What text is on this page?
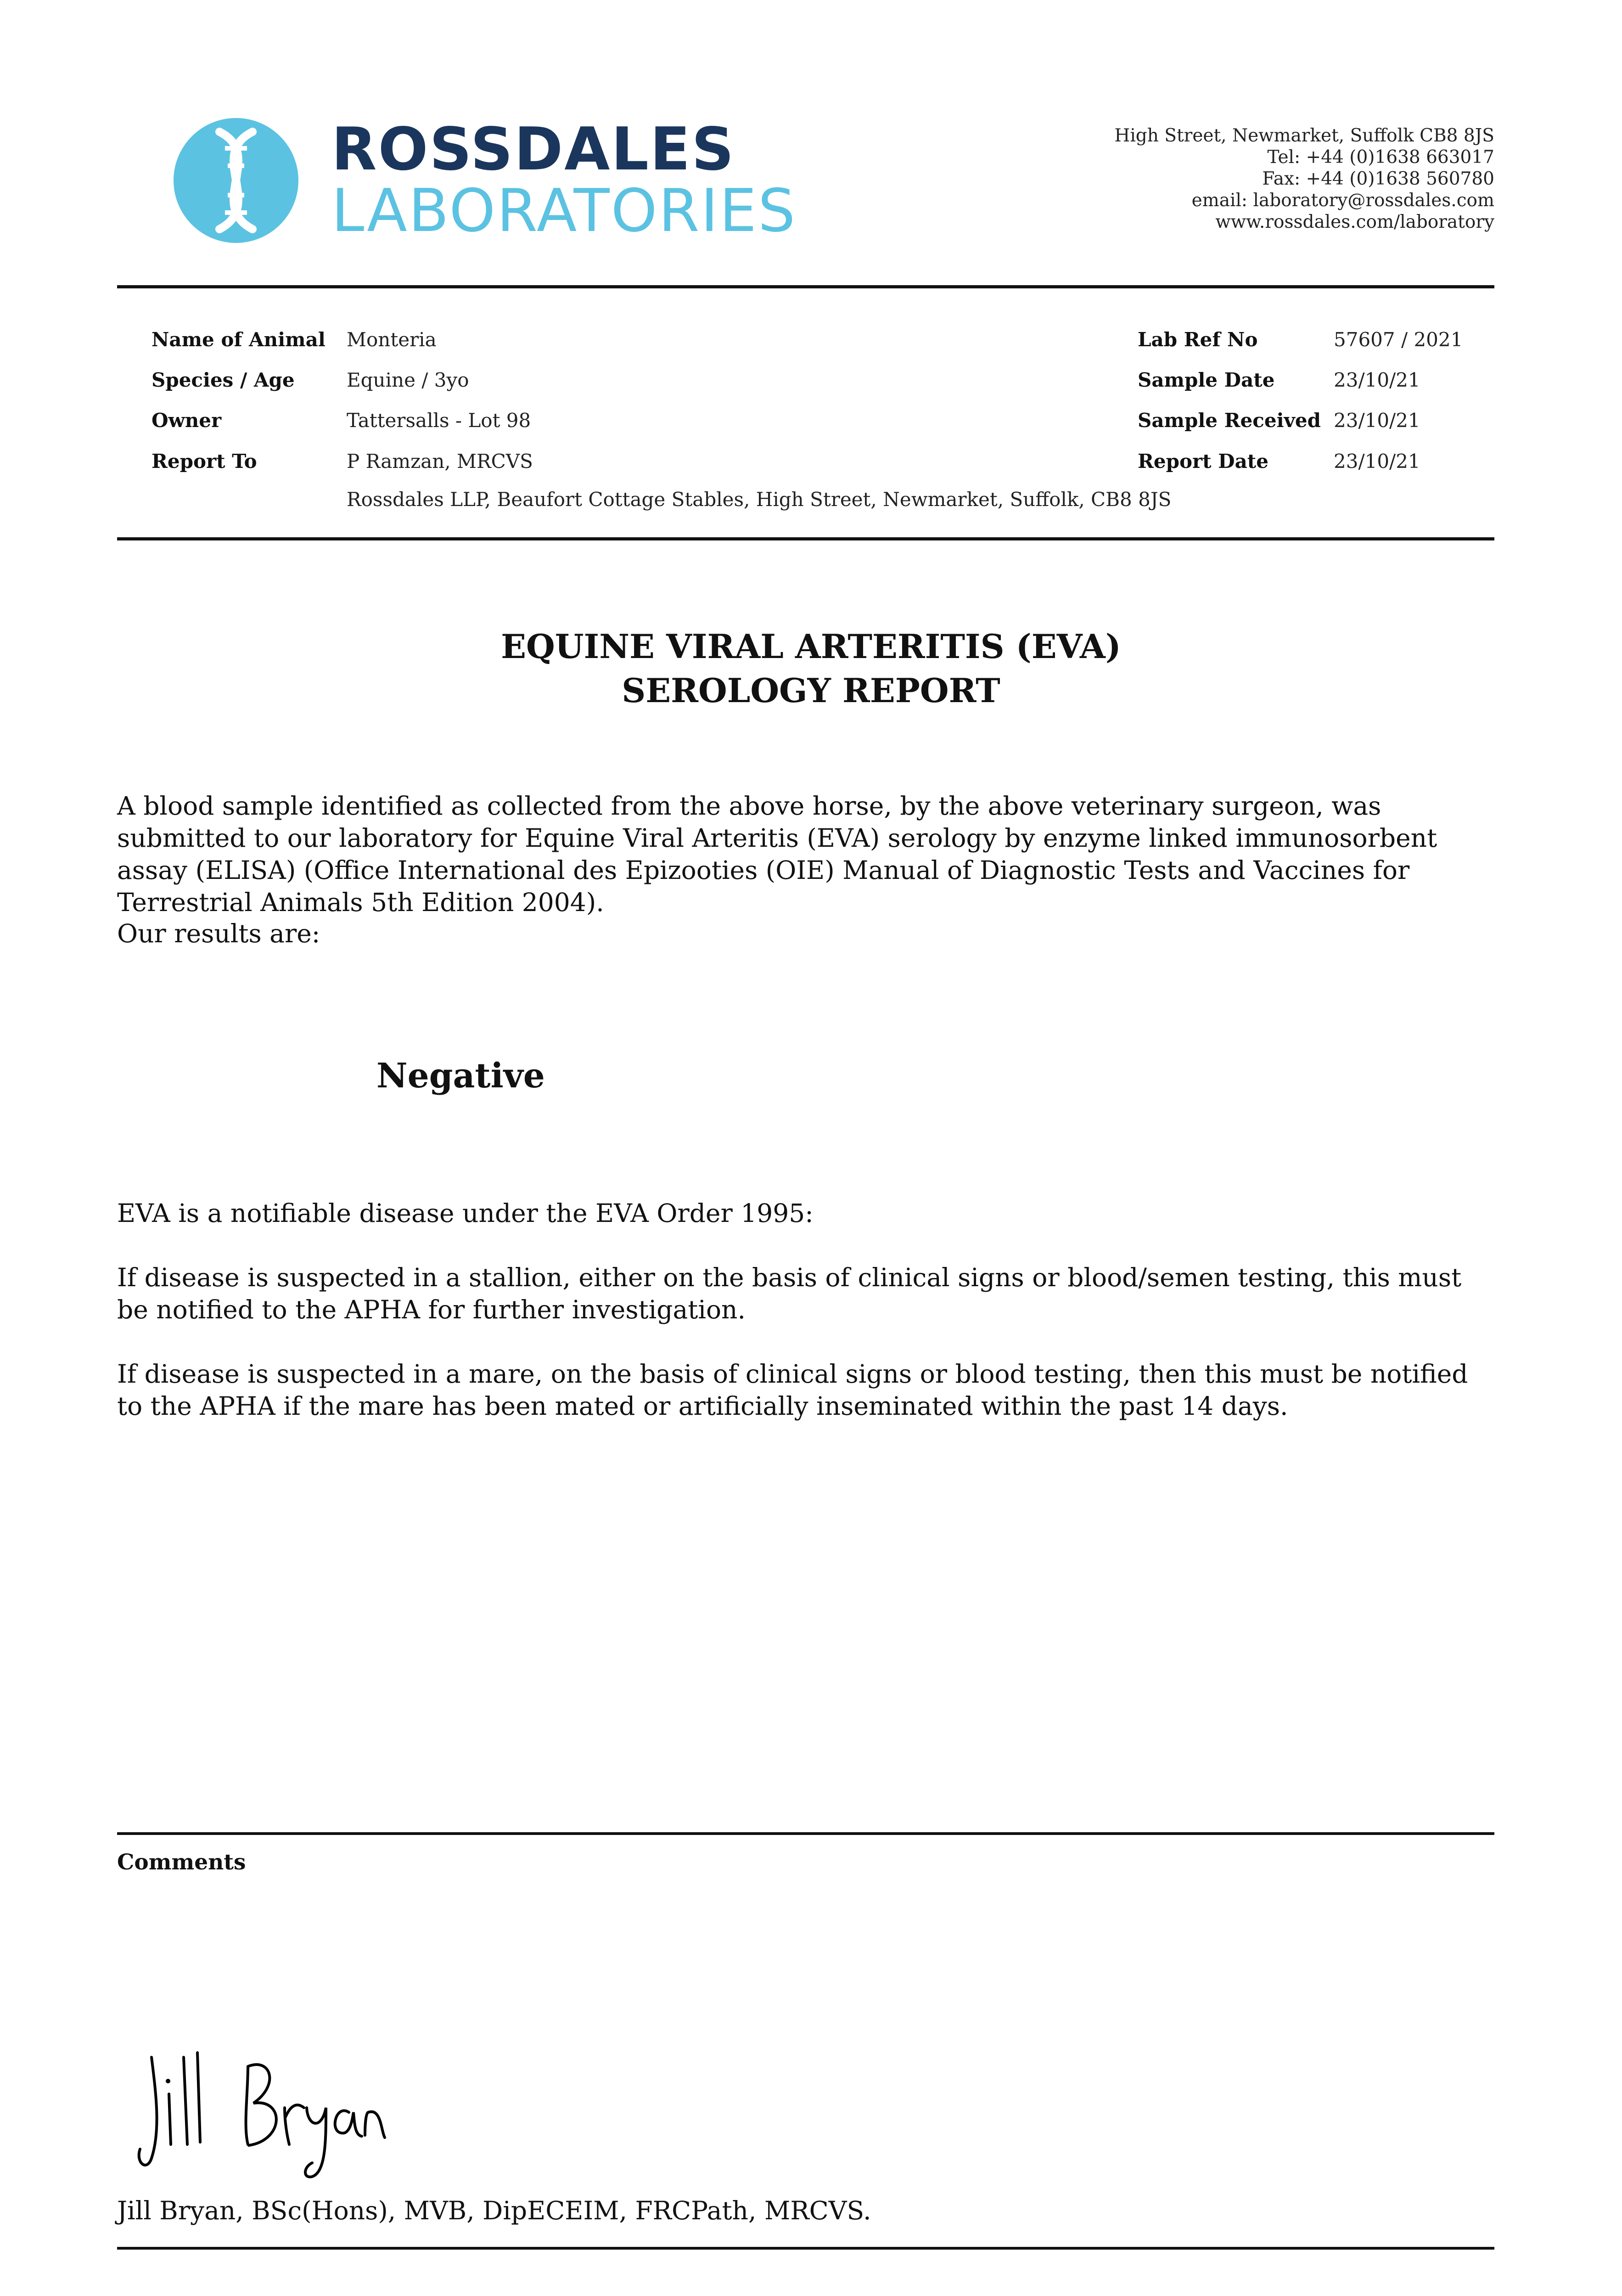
ROSSDALES
LABORATORIES
High Street, Newmarket, Suffolk CB8 8JS
Tel: +44 (0)1638 663017
Fax: +44 (0)1638 560780
email: laboratory@rossdales.com
www.rossdales.com/laboratory
Name of Animal Monteria
Species / Age	Equine / 3yo
Owner	Tattersalls - Lot 98
Report To	P Ramzan, MRCVS
Rossdales LLP, Beaufort Cottage Stables, High Street, Newmarket, Suffolk, CB8 8JS
Lab Ref No	57607 / 2021
Sample Date	23/10/21
Sample Received 23/10/21
Report Date	23/10/21
EQUINE VIRAL ARTERITIS (EVA)
SEROLOGY REPORT
A blood sample identified as collected from the above horse, by the above veterinary surgeon, was submitted to our laboratory for Equine Viral Arteritis (EVA) serology by enzyme linked immunosorbent assay (ELISA) (Office International des Epizooties (OIE) Manual of Diagnostic Tests and Vaccines for Terrestrial Animals 5th Edition 2004).
Our results are:
Negative
EVA is a notifiable disease under the EVA Order 1995:
If disease is suspected in a stallion, either on the basis of clinical signs or blood/semen testing, this must be notified to the APHA for further investigation.
If disease is suspected in a mare, on the basis of clinical signs or blood testing, then this must be notified to the APHA if the mare has been mated or artificially inseminated within the past 14 days.
Comments
Jill Bryan, BSc(Hons), MVB, DipECEIM, FRCPath, MRCVS.
